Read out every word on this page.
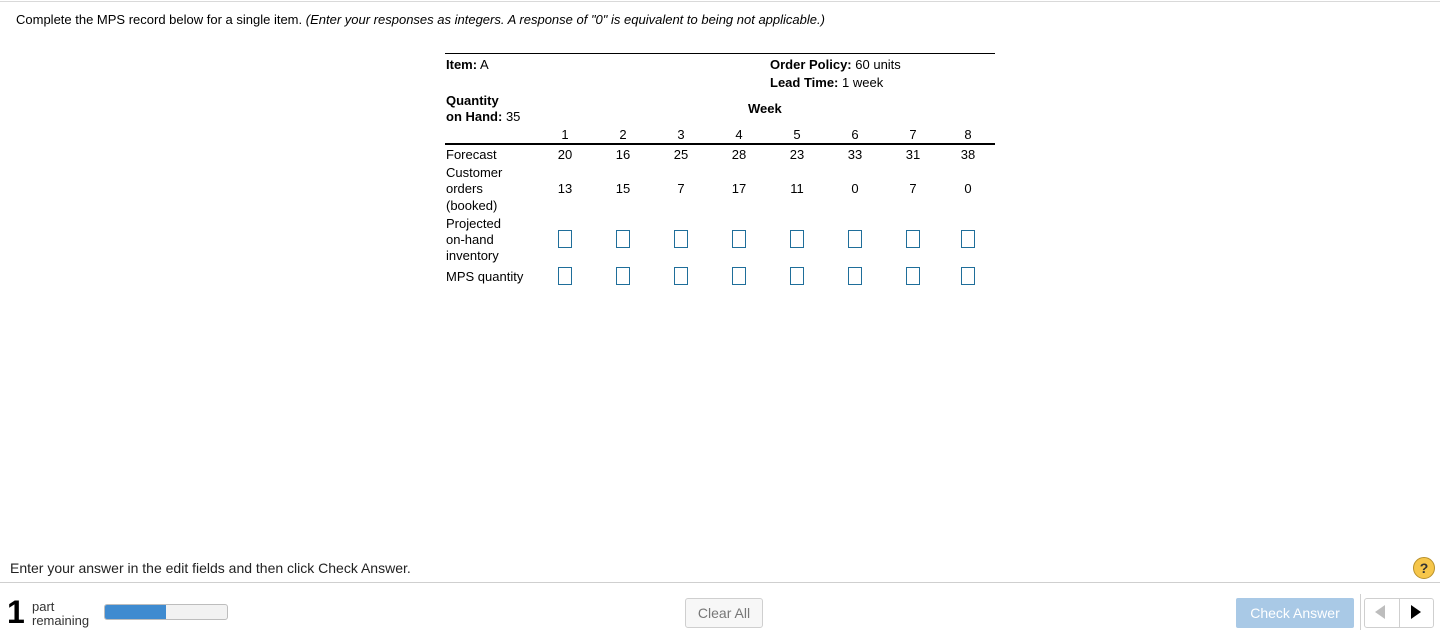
Complete the MPS record below for a single item. (Enter your responses as integers. A response of "0" is equivalent to being not applicable.)
Item: A	Order Policy: 60 units
Lead Time: 1 week
Quantity
on Hand: 35
Week
1	2	3	4	5	6	7	8
Forecast	20	16	25	28	23	33	31	38
Customer
orders
(booked)
13	15	7	17	11	0	7	0
Projected
on-hand
inventory
MPS quantity
Enter your answer in the edit fields and then click Check Answer.	?
1 part
remaining	Clear All	Check Answer
